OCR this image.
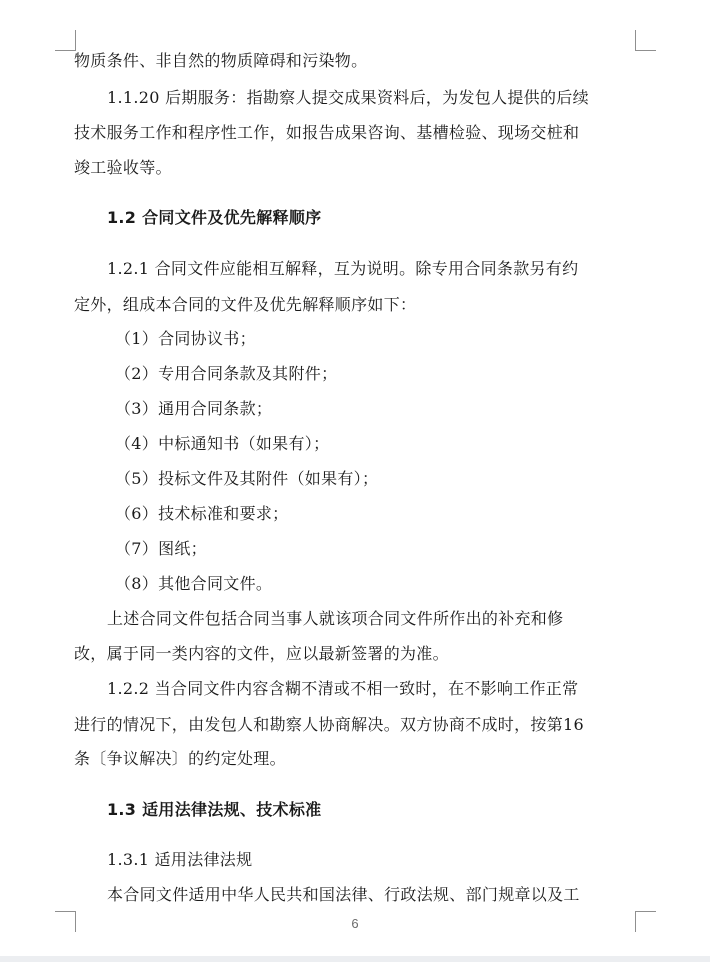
物质条件、非自然的物质障碍和污染物。
1.1.20 后期服务：指勘察人提交成果资料后，为发包人提供的后续
技术服务工作和程序性工作，如报告成果咨询、基槽检验、现场交桩和
竣工验收等。
1.2 合同文件及优先解释顺序
1.2.1 合同文件应能相互解释，互为说明。除专用合同条款另有约
定外，组成本合同的文件及优先解释顺序如下：
（1）合同协议书；
（2）专用合同条款及其附件；
（3）通用合同条款；
（4）中标通知书（如果有）；
（5）投标文件及其附件（如果有）；
（6）技术标准和要求；
（7）图纸；
（8）其他合同文件。
上述合同文件包括合同当事人就该项合同文件所作出的补充和修
改，属于同一类内容的文件，应以最新签署的为准。
1.2.2 当合同文件内容含糊不清或不相一致时，在不影响工作正常
进行的情况下，由发包人和勘察人协商解决。双方协商不成时，按第16
条〔争议解决〕的约定处理。
1.3 适用法律法规、技术标准
1.3.1 适用法律法规
本合同文件适用中华人民共和国法律、行政法规、部门规章以及工
6
